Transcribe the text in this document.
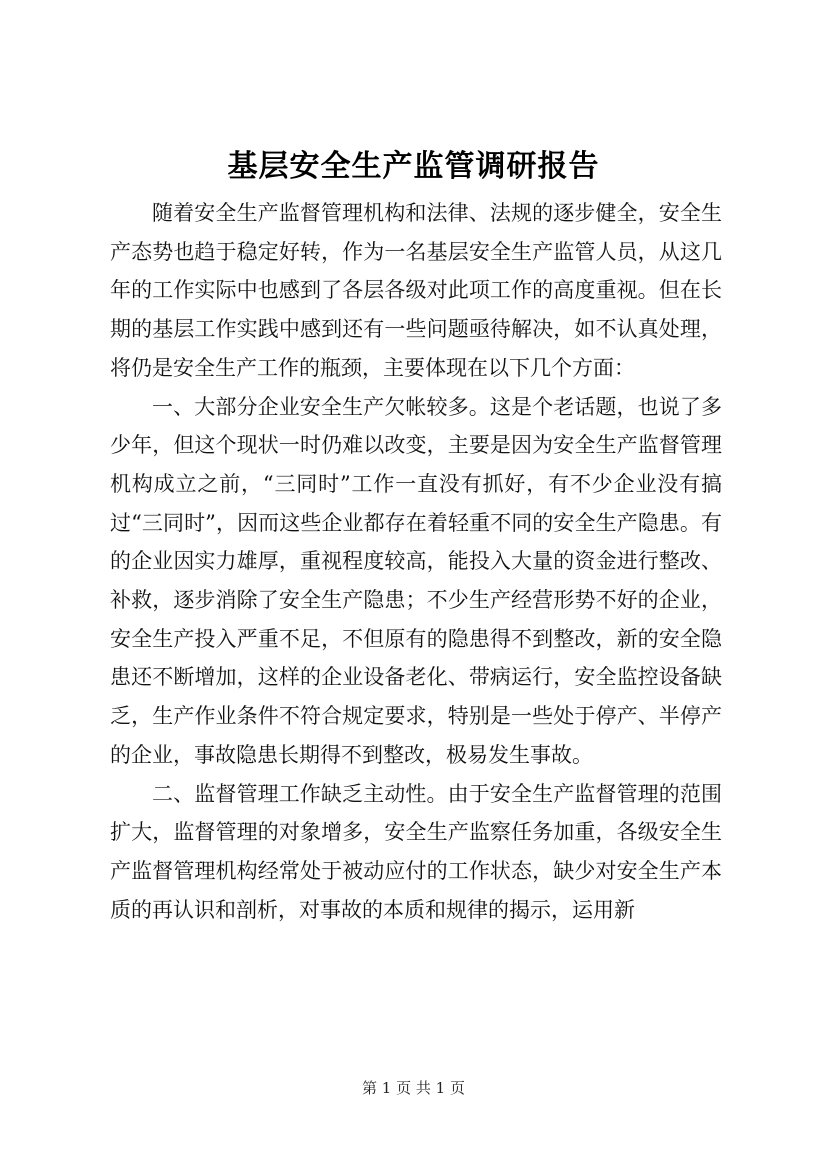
基层安全生产监管调研报告

随着安全生产监督管理机构和法律、法规的逐步健全，安全生产态势也趋于稳定好转，作为一名基层安全生产监管人员，从这几年的工作实际中也感到了各层各级对此项工作的高度重视。但在长期的基层工作实践中感到还有一些问题亟待解决，如不认真处理，将仍是安全生产工作的瓶颈，主要体现在以下几个方面：

一、大部分企业安全生产欠帐较多。这是个老话题，也说了多少年，但这个现状一时仍难以改变，主要是因为安全生产监督管理机构成立之前，“三同时”工作一直没有抓好，有不少企业没有搞过“三同时”，因而这些企业都存在着轻重不同的安全生产隐患。有的企业因实力雄厚，重视程度较高，能投入大量的资金进行整改、补救，逐步消除了安全生产隐患；不少生产经营形势不好的企业，安全生产投入严重不足，不但原有的隐患得不到整改，新的安全隐患还不断增加，这样的企业设备老化、带病运行，安全监控设备缺乏，生产作业条件不符合规定要求，特别是一些处于停产、半停产的企业，事故隐患长期得不到整改，极易发生事故。

二、监督管理工作缺乏主动性。由于安全生产监督管理的范围扩大，监督管理的对象增多，安全生产监察任务加重，各级安全生产监督管理机构经常处于被动应付的工作状态，缺少对安全生产本质的再认识和剖析，对事故的本质和规律的揭示，运用新

第 1 页 共 1 页
